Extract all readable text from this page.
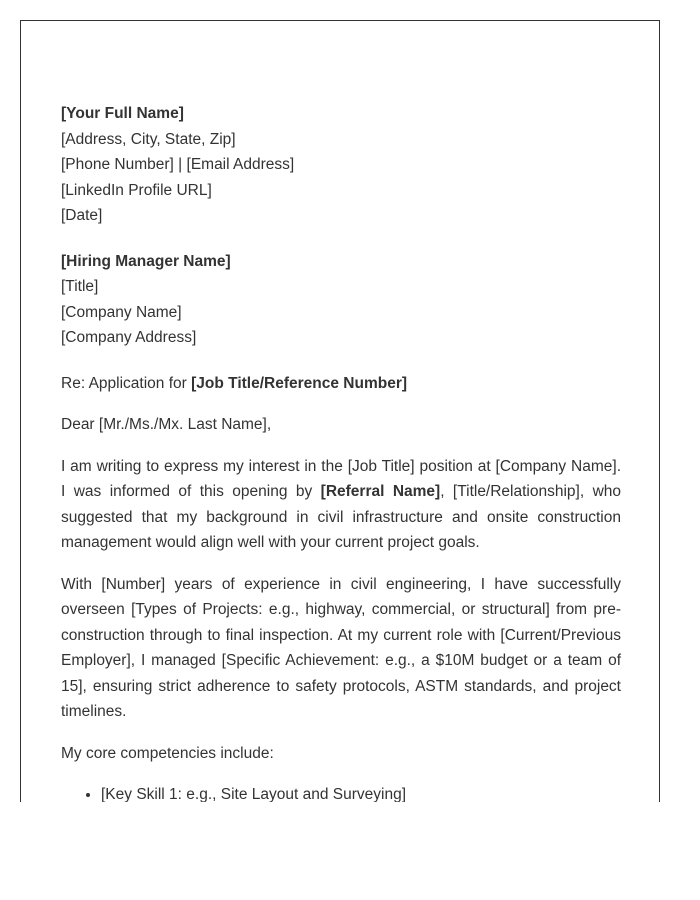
[Your Full Name]
[Address, City, State, Zip]
[Phone Number] | [Email Address]
[LinkedIn Profile URL]
[Date]
[Hiring Manager Name]
[Title]
[Company Name]
[Company Address]

Re: Application for [Job Title/Reference Number]

Dear [Mr./Ms./Mx. Last Name],

I am writing to express my interest in the [Job Title] position at [Company Name]. I was informed of this opening by [Referral Name], [Title/Relationship], who suggested that my background in civil infrastructure and onsite construction management would align well with your current project goals.

With [Number] years of experience in civil engineering, I have successfully overseen [Types of Projects: e.g., highway, commercial, or structural] from pre-construction through to final inspection. At my current role with [Current/Previous Employer], I managed [Specific Achievement: e.g., a $10M budget or a team of 15], ensuring strict adherence to safety protocols, ASTM standards, and project timelines.

My core competencies include:

• [Key Skill 1: e.g., Site Layout and Surveying]
